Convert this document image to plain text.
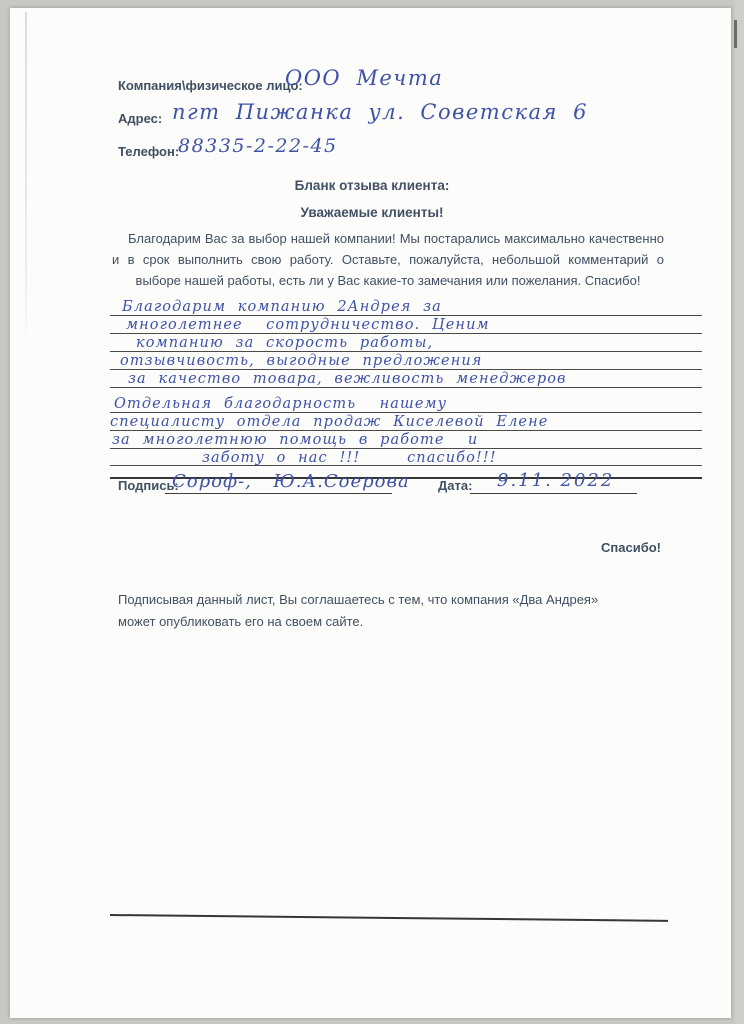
Компания\физическое лицо:
ООО Мечта
Адрес: пгт Пижанка ул. Советская 6
Телефон:
88335-2-22-45
Бланк отзыва клиента:
Уважаемые клиенты!
Благодарим Вас за выбор нашей компании! Мы постарались максимально качественно и в срок выполнить свою работу. Оставьте, пожалуйста, небольшой комментарий о выборе нашей работы, есть ли у Вас какие-то замечания или пожелания. Спасибо!
Благодарим компанию 2Андрея за
многолетнее  сотрудничество. Ценим
компанию за скорость работы,
отзывчивость, выгодные предложения
за качество товара, вежливость менеджеров
Отдельная благодарность  нашему
специалисту отдела продаж Киселевой Елене
за многолетнюю помощь в работе  и
заботу о нас !!!    спасибо!!!
Подпись:
Сороф-,  Ю.А.Соерова Дата: 9.11. 2022
Спасибо!
Подписывая данный лист, Вы соглашаетесь с тем, что компания «Два Андрея» может опубликовать его на своем сайте.
